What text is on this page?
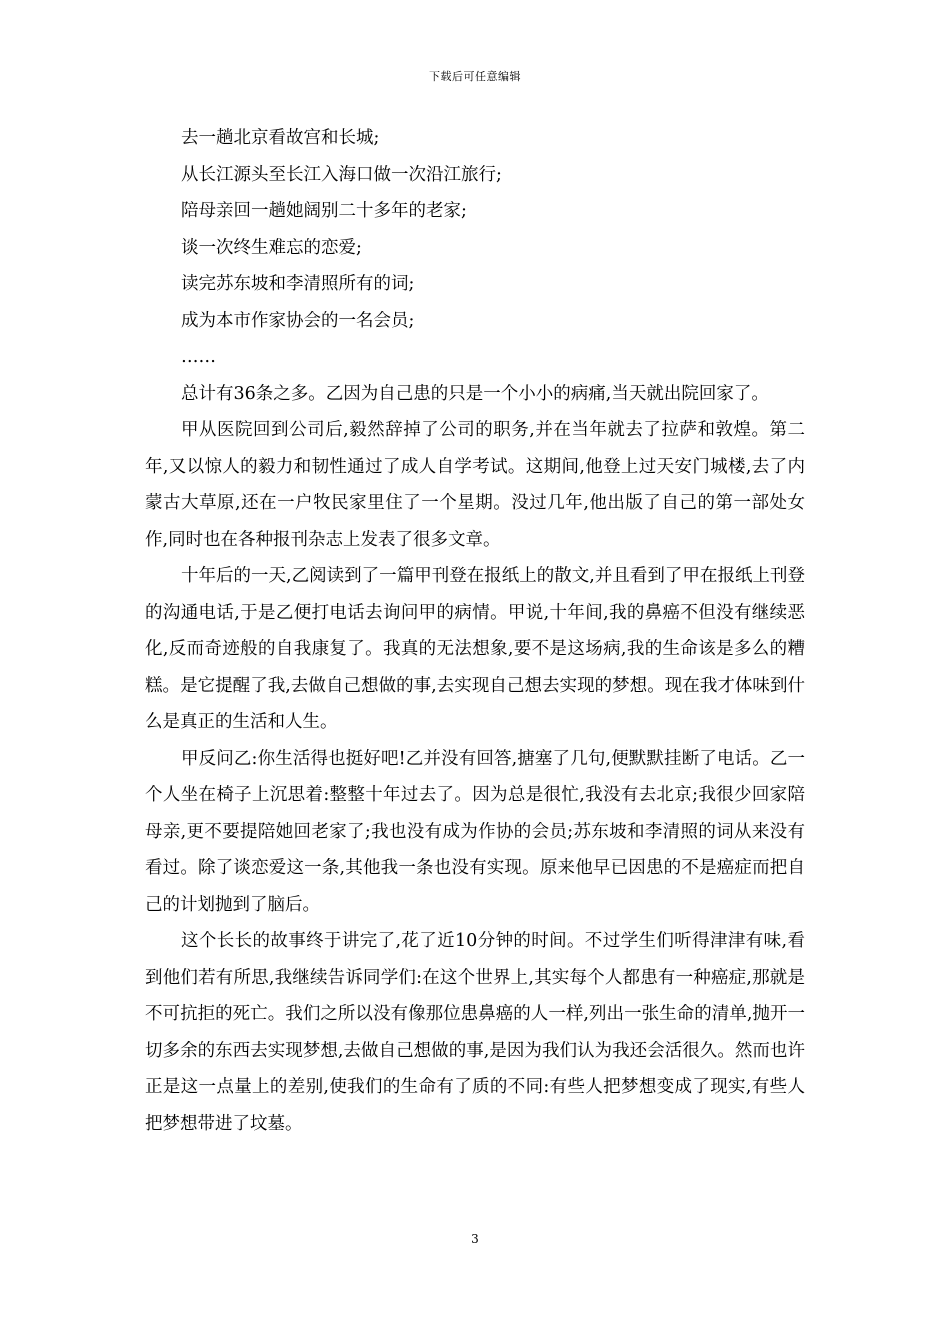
下载后可任意编辑

去一趟北京看故宫和长城;

从长江源头至长江入海口做一次沿江旅行;

陪母亲回一趟她阔别二十多年的老家;

谈一次终生难忘的恋爱;

读完苏东坡和李清照所有的词;

成为本市作家协会的一名会员;

……

总计有36条之多。乙因为自己患的只是一个小小的病痛,当天就出院回家了。

甲从医院回到公司后,毅然辞掉了公司的职务,并在当年就去了拉萨和敦煌。第二年,又以惊人的毅力和韧性通过了成人自学考试。这期间,他登上过天安门城楼,去了内蒙古大草原,还在一户牧民家里住了一个星期。没过几年,他出版了自己的第一部处女作,同时也在各种报刊杂志上发表了很多文章。

十年后的一天,乙阅读到了一篇甲刊登在报纸上的散文,并且看到了甲在报纸上刊登的沟通电话,于是乙便打电话去询问甲的病情。甲说,十年间,我的鼻癌不但没有继续恶化,反而奇迹般的自我康复了。我真的无法想象,要不是这场病,我的生命该是多么的糟糕。是它提醒了我,去做自己想做的事,去实现自己想去实现的梦想。现在我才体味到什么是真正的生活和人生。

甲反问乙:你生活得也挺好吧!乙并没有回答,搪塞了几句,便默默挂断了电话。乙一个人坐在椅子上沉思着:整整十年过去了。因为总是很忙,我没有去北京;我很少回家陪母亲,更不要提陪她回老家了;我也没有成为作协的会员;苏东坡和李清照的词从来没有看过。除了谈恋爱这一条,其他我一条也没有实现。原来他早已因患的不是癌症而把自己的计划抛到了脑后。

这个长长的故事终于讲完了,花了近10分钟的时间。不过学生们听得津津有味,看到他们若有所思,我继续告诉同学们:在这个世界上,其实每个人都患有一种癌症,那就是不可抗拒的死亡。我们之所以没有像那位患鼻癌的人一样,列出一张生命的清单,抛开一切多余的东西去实现梦想,去做自己想做的事,是因为我们认为我还会活很久。然而也许正是这一点量上的差别,使我们的生命有了质的不同:有些人把梦想变成了现实,有些人把梦想带进了坟墓。

3
